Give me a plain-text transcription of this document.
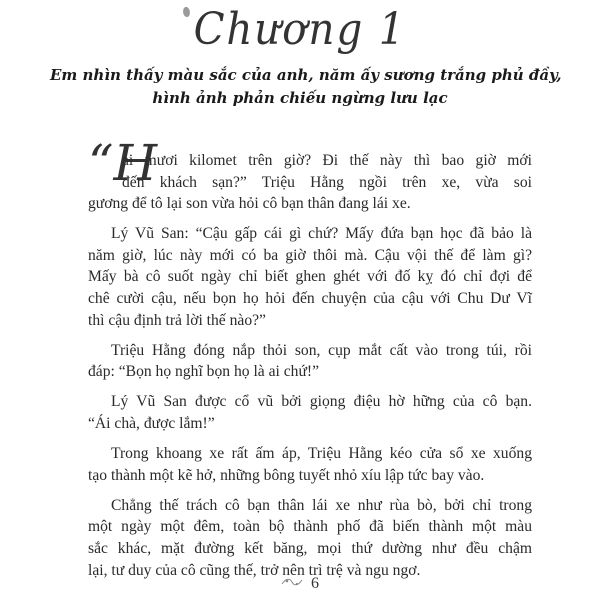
Chương 1
Em nhìn thấy màu sắc của anh, năm ấy sương trắng phủ đầy,
hình ảnh phản chiếu ngừng lưu lạc
“H

ai mươi kilomet trên giờ? Đi thế này thì bao giờ mới
đến khách sạn?” Triệu Hằng ngồi trên xe, vừa soi
gương để tô lại son vừa hỏi cô bạn thân đang lái xe.

Lý Vũ San: “Cậu gấp cái gì chứ? Mấy đứa bạn học đã bảo là
năm giờ, lúc này mới có ba giờ thôi mà. Cậu vội thế để làm gì?
Mấy bà cô suốt ngày chỉ biết ghen ghét với đố kỵ đó chỉ đợi để
chê cười cậu, nếu bọn họ hỏi đến chuyện của cậu với Chu Dư Vĩ
thì cậu định trả lời thế nào?”

Triệu Hằng đóng nắp thỏi son, cụp mắt cất vào trong túi, rồi
đáp: “Bọn họ nghĩ bọn họ là ai chứ!”

Lý Vũ San được cổ vũ bởi giọng điệu hờ hững của cô bạn.
“Ái chà, được lắm!”

Trong khoang xe rất ấm áp, Triệu Hằng kéo cửa sổ xe xuống
tạo thành một kẽ hở, những bông tuyết nhỏ xíu lập tức bay vào.

Chẳng thế trách cô bạn thân lái xe như rùa bò, bởi chỉ trong
một ngày một đêm, toàn bộ thành phố đã biến thành một màu
sắc khác, mặt đường kết băng, mọi thứ dường như đều chậm
lại, tư duy của cô cũng thế, trở nên trì trệ và ngu ngơ.

6
